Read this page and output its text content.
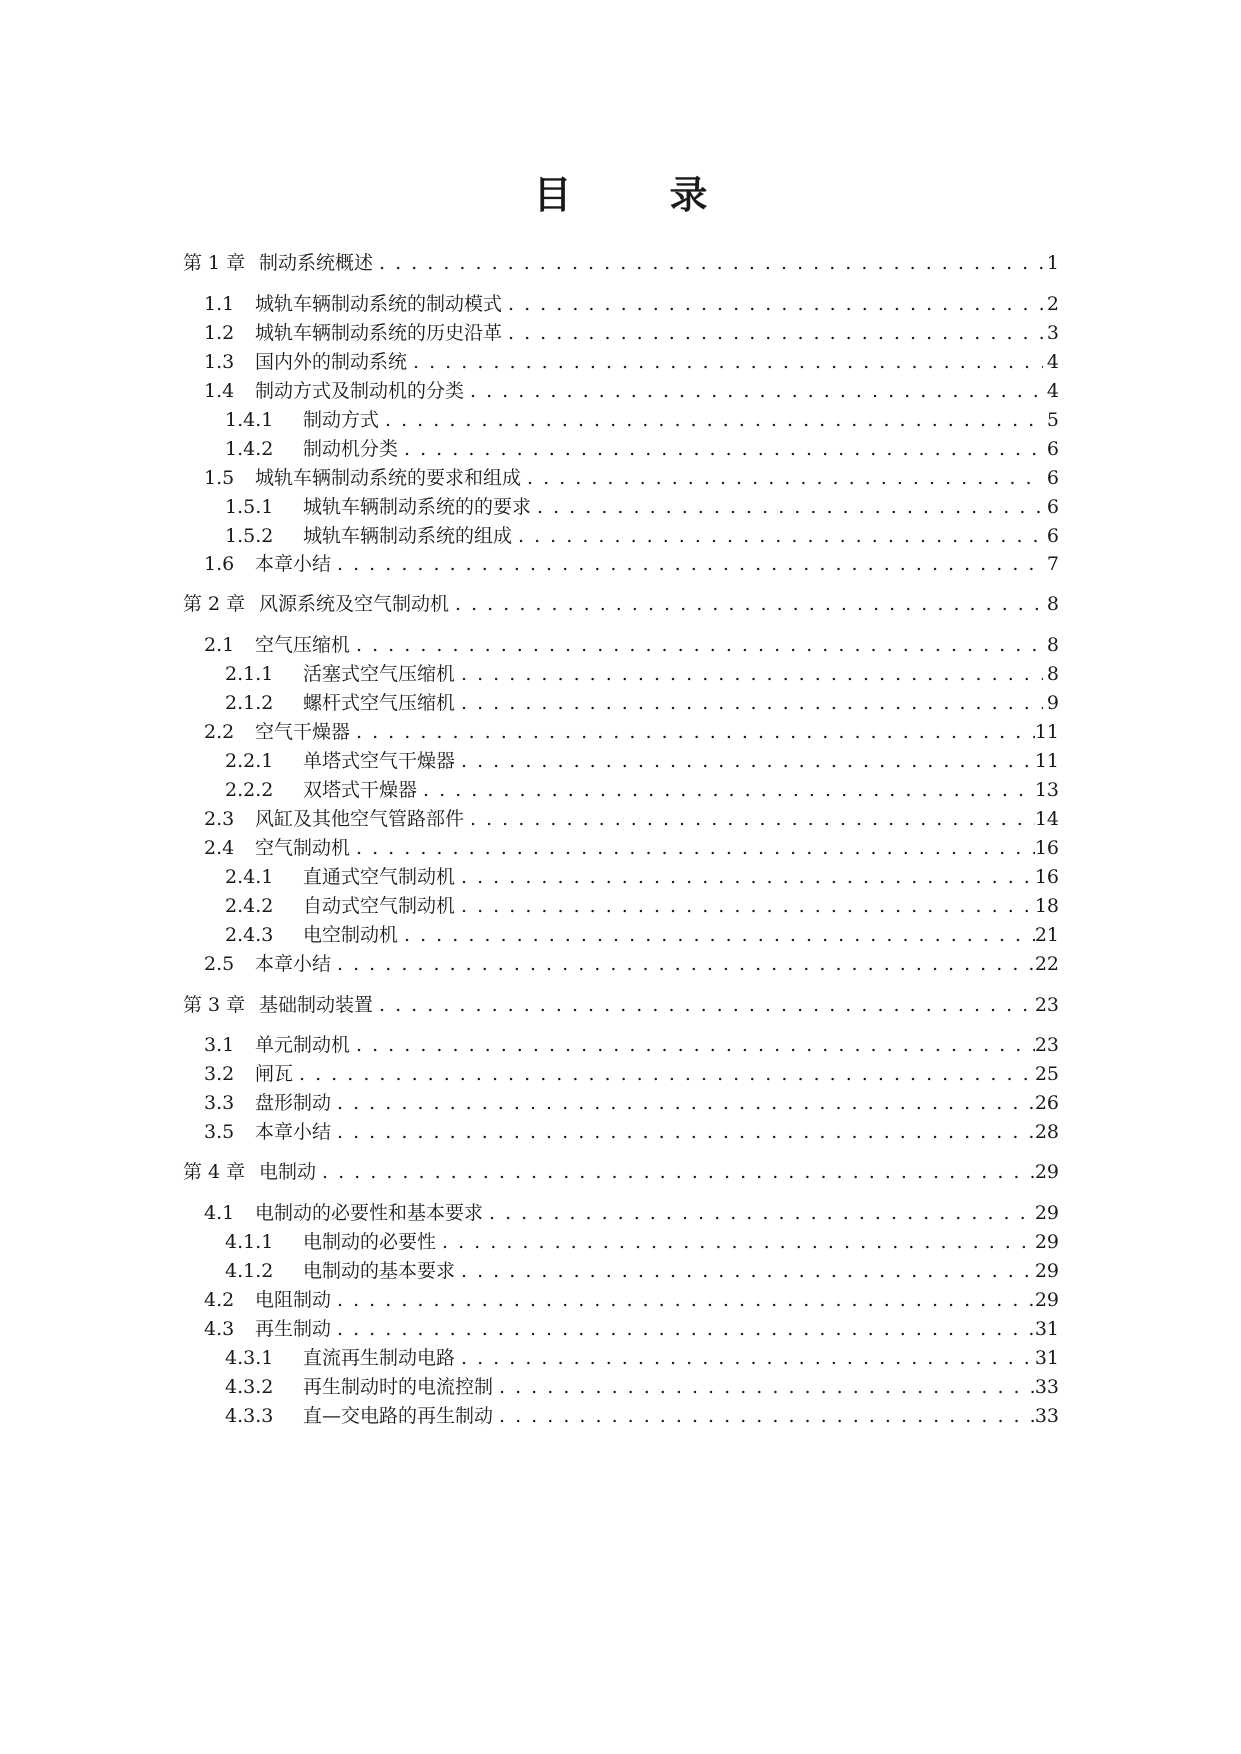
目　录
第 1 章 制动系统概述 . . .	1
1.1	城轨车辆制动系统的制动模式 . . .	2
1.2	城轨车辆制动系统的历史沿革 . . .	3
1.3	国内外的制动系统 . . .	4
1.4	制动方式及制动机的分类 . . .	4
1.4.1	制动方式 . . .	5
1.4.2	制动机分类 . . .	6
1.5	城轨车辆制动系统的要求和组成 . . .	6
1.5.1	城轨车辆制动系统的的要求 . . .	6
1.5.2	城轨车辆制动系统的组成 . . .	6
1.6	本章小结 . . .	7
第 2 章 风源系统及空气制动机 . . .	8
2.1	空气压缩机 . . .	8
2.1.1	活塞式空气压缩机 . . .	8
2.1.2	螺杆式空气压缩机 . . .	9
2.2	空气干燥器 . . .	11
2.2.1	单塔式空气干燥器 . . .	11
2.2.2	双塔式干燥器 . . .	13
2.3	风缸及其他空气管路部件 . . .	14
2.4	空气制动机 . . .	16
2.4.1	直通式空气制动机 . . .	16
2.4.2	自动式空气制动机 . . .	18
2.4.3	电空制动机 . . .	21
2.5	本章小结 . . .	22
第 3 章 基础制动装置 . . .	23
3.1	单元制动机 . . .	23
3.2	闸瓦 . . .	25
3.3	盘形制动 . . .	26
3.5	本章小结 . . .	28
第 4 章 电制动 . . .	29
4.1	电制动的必要性和基本要求 . . .	29
4.1.1	电制动的必要性 . . .	29
4.1.2	电制动的基本要求 . . .	29
4.2	电阻制动 . . .	29
4.3	再生制动 . . .	31
4.3.1	直流再生制动电路 . . .	31
4.3.2	再生制动时的电流控制 . . .	33
4.3.3	直—交电路的再生制动 . . .	33
